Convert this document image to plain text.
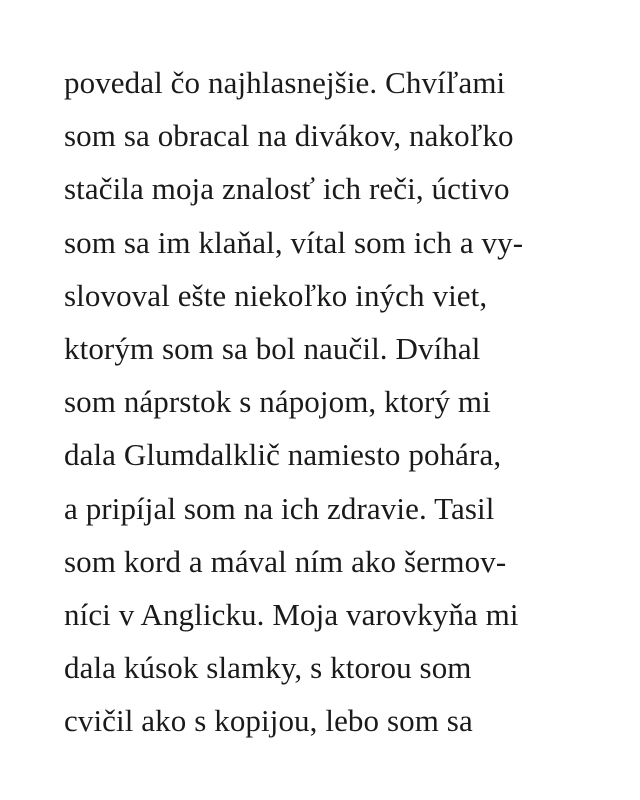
povedal čo najhlasnejšie. Chvíľami
som sa obracal na divákov, nakoľko
stačila moja znalosť ich reči, úctivo
som sa im klaňal, vítal som ich a vy-
slovoval ešte niekoľko iných viet,
ktorým som sa bol naučil. Dvíhal
som náprstok s nápojom, ktorý mi
dala Glumdalklič namiesto pohára,
a pripíjal som na ich zdravie. Tasil
som kord a mával ním ako šermov-
níci v Anglicku. Moja varovkyňa mi
dala kúsok slamky, s ktorou som
cvičil ako s kopijou, lebo som sa
